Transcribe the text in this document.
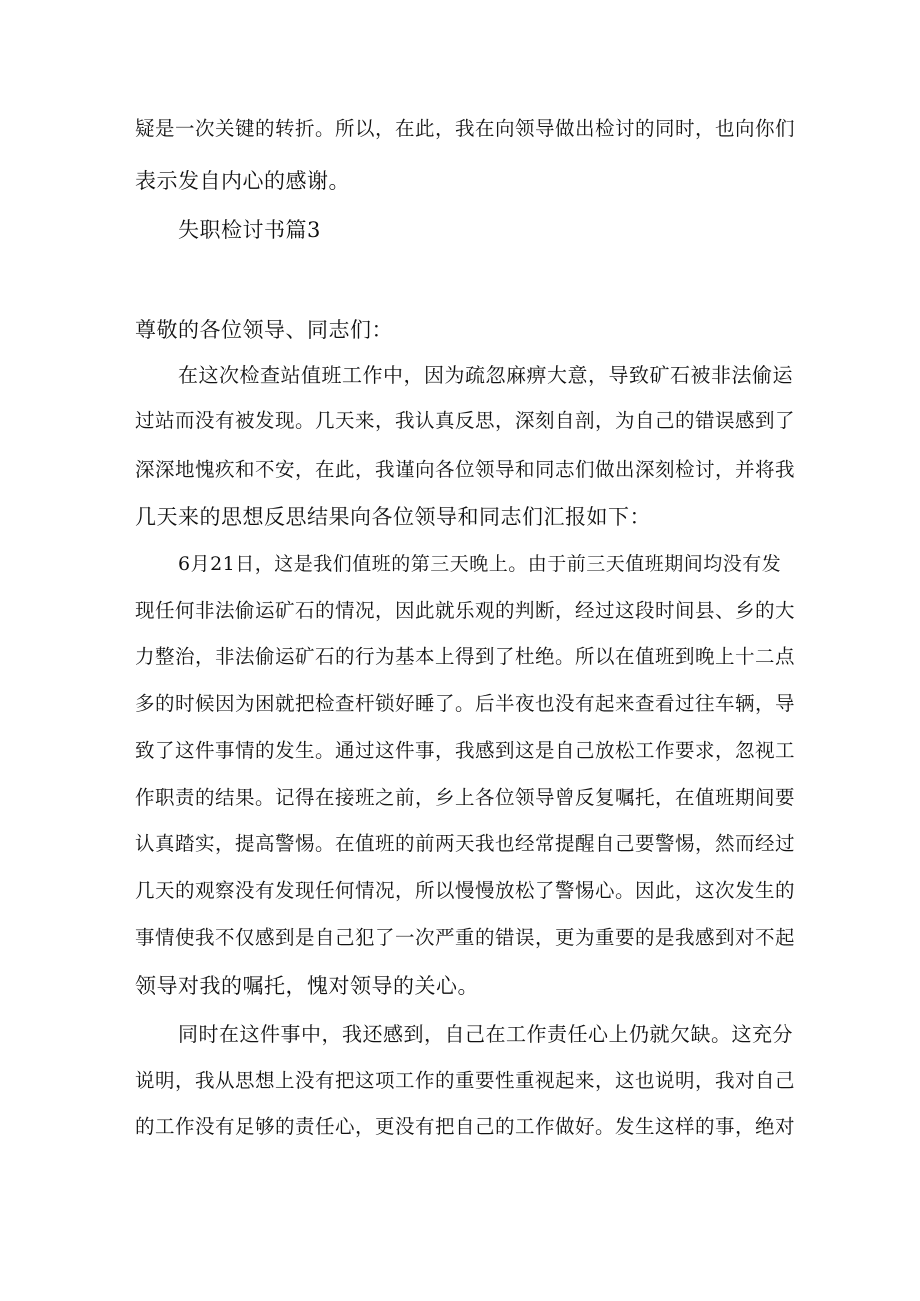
疑是一次关键的转折。所以，在此，我在向领导做出检讨的同时，也向你们
表示发自内心的感谢。
失职检讨书篇3
尊敬的各位领导、同志们：
在这次检查站值班工作中，因为疏忽麻痹大意，导致矿石被非法偷运
过站而没有被发现。几天来，我认真反思，深刻自剖，为自己的错误感到了
深深地愧疚和不安，在此，我谨向各位领导和同志们做出深刻检讨，并将我
几天来的思想反思结果向各位领导和同志们汇报如下：
6月21日，这是我们值班的第三天晚上。由于前三天值班期间均没有发
现任何非法偷运矿石的情况，因此就乐观的判断，经过这段时间县、乡的大
力整治，非法偷运矿石的行为基本上得到了杜绝。所以在值班到晚上十二点
多的时候因为困就把检查杆锁好睡了。后半夜也没有起来查看过往车辆，导
致了这件事情的发生。通过这件事，我感到这是自己放松工作要求，忽视工
作职责的结果。记得在接班之前，乡上各位领导曾反复嘱托，在值班期间要
认真踏实，提高警惕。在值班的前两天我也经常提醒自己要警惕，然而经过
几天的观察没有发现任何情况，所以慢慢放松了警惕心。因此，这次发生的
事情使我不仅感到是自己犯了一次严重的错误，更为重要的是我感到对不起
领导对我的嘱托，愧对领导的关心。
同时在这件事中，我还感到，自己在工作责任心上仍就欠缺。这充分
说明，我从思想上没有把这项工作的重要性重视起来，这也说明，我对自己
的工作没有足够的责任心，更没有把自己的工作做好。发生这样的事，绝对
